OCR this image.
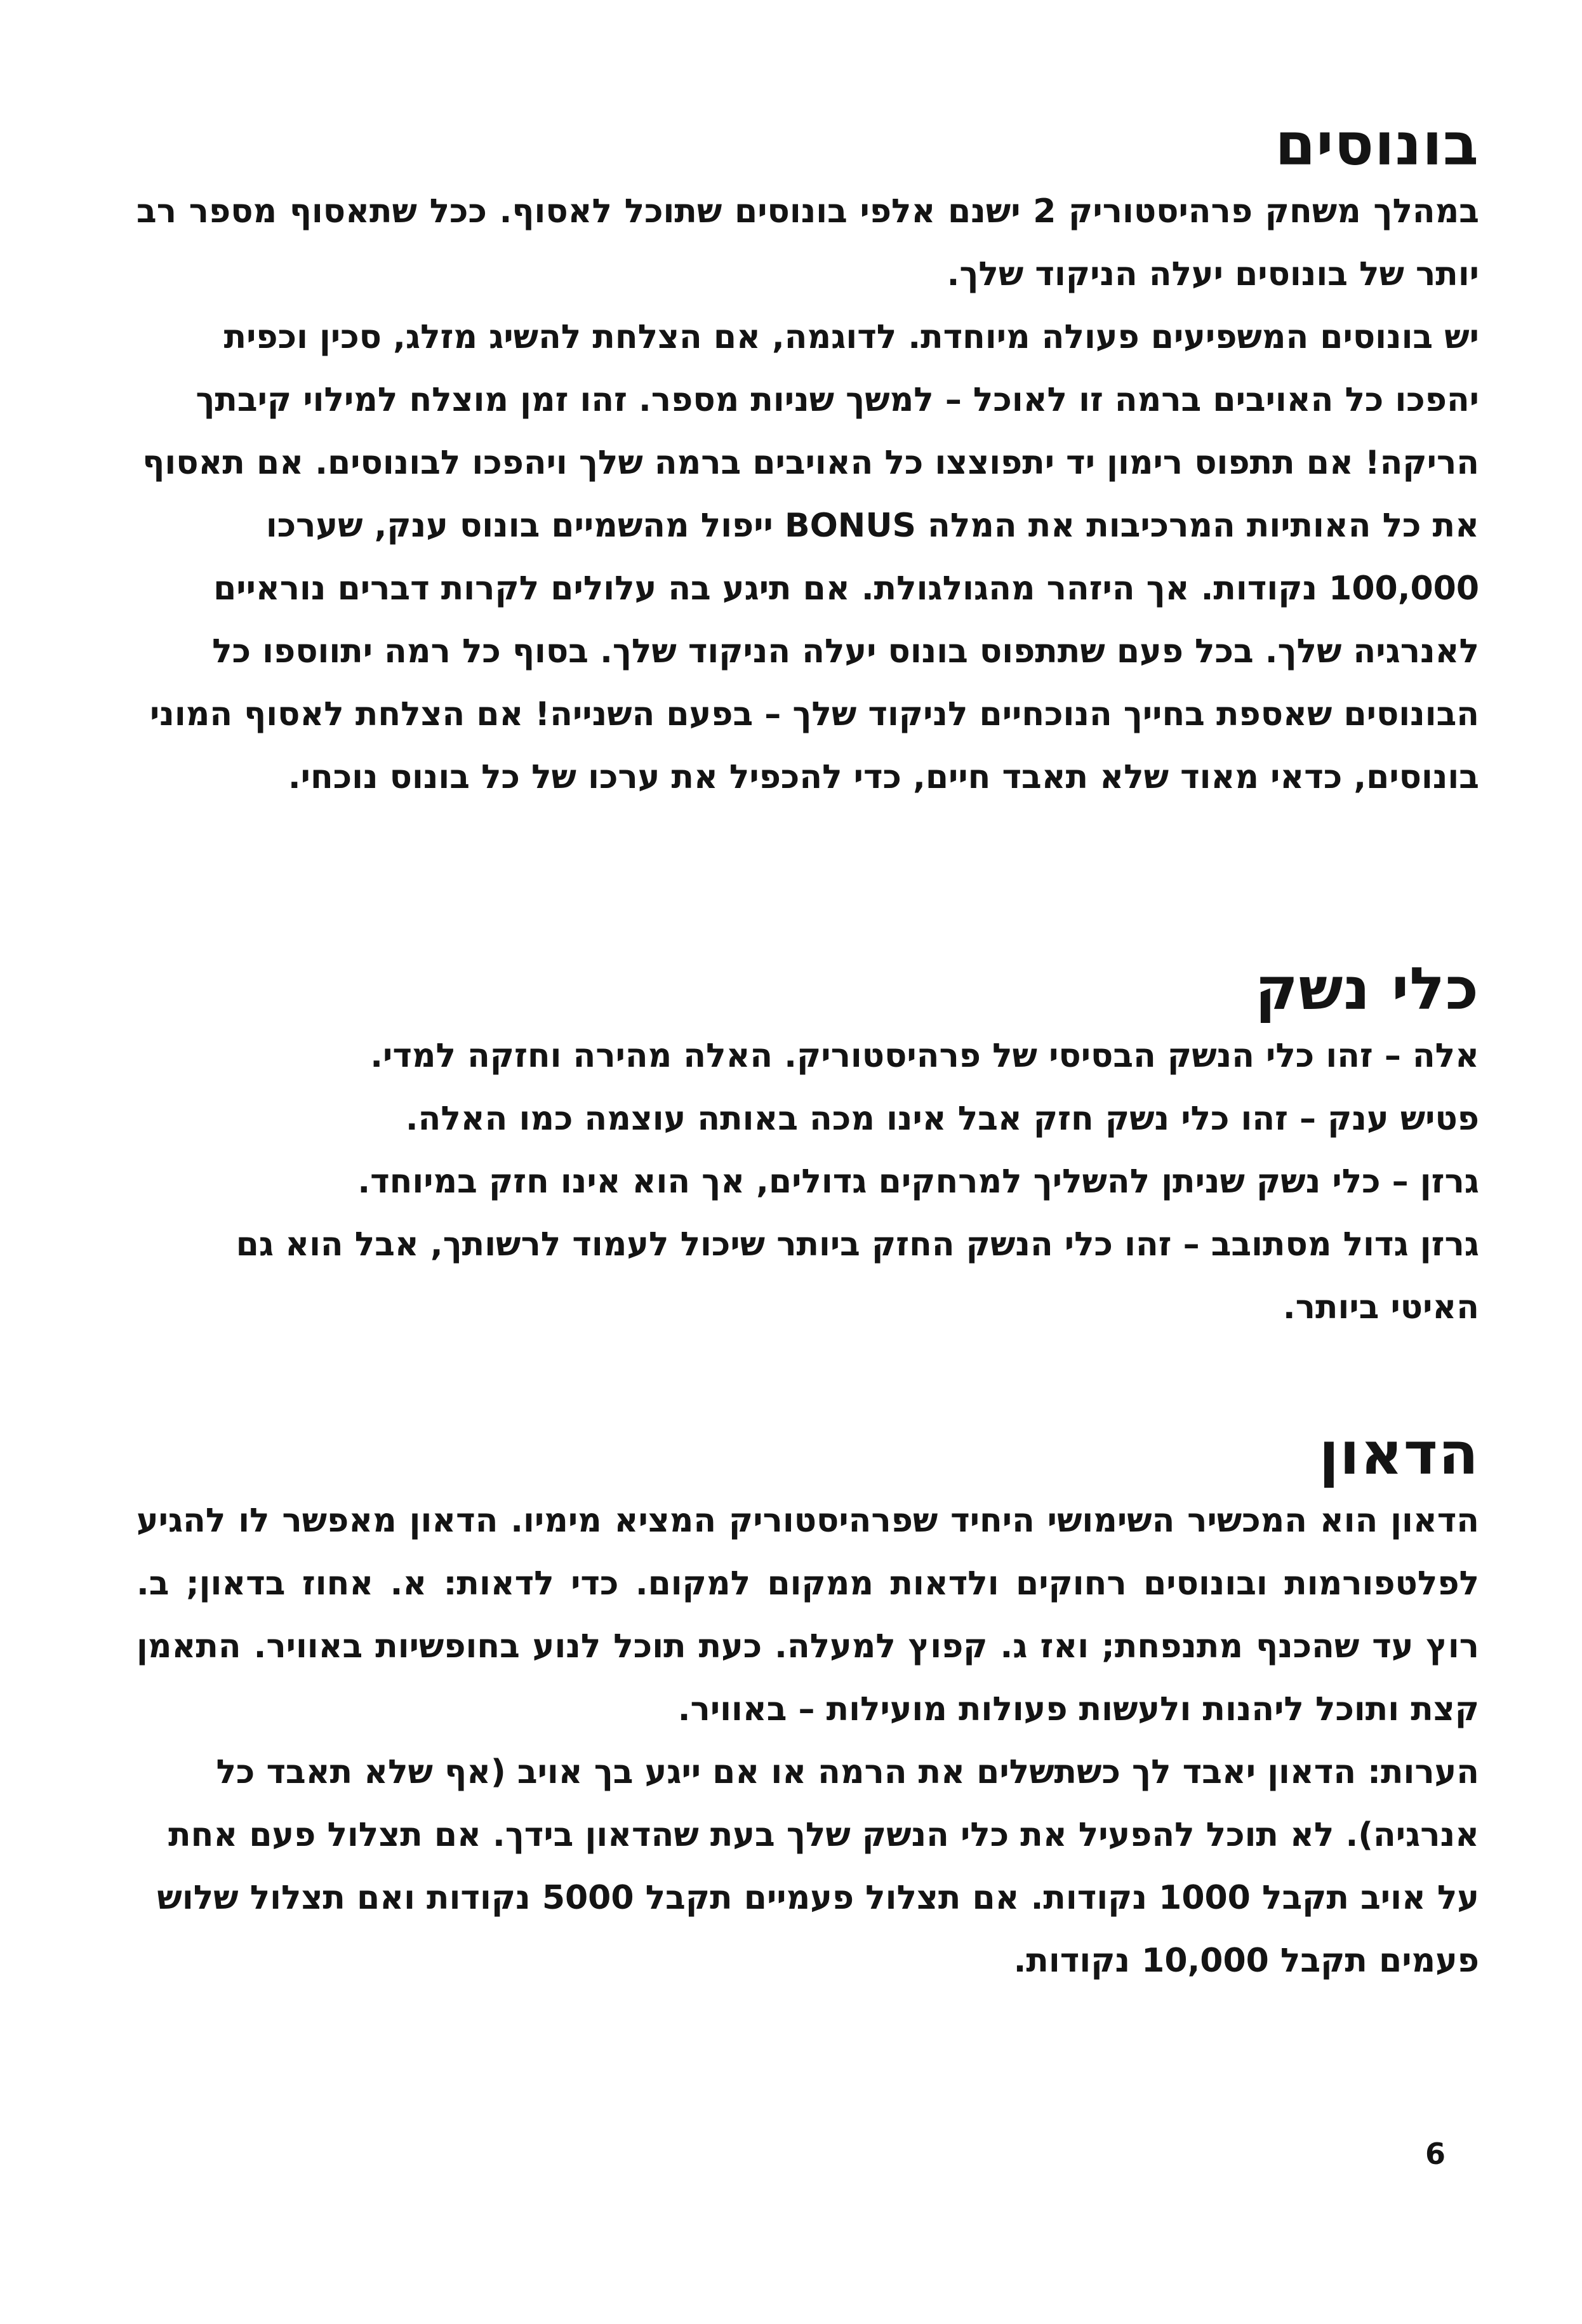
בונוסים

במהלך משחק פרהיסטוריק 2 ישנם אלפי בונוסים שתוכל לאסוף. ככל שתאסוף מספר רב יותר של בונוסים יעלה הניקוד שלך.

יש בונוסים המשפיעים פעולה מיוחדת. לדוגמה, אם הצלחת להשיג מזלג, סכין וכפית יהפכו כל האויבים ברמה זו לאוכל – למשך שניות מספר. זהו זמן מוצלח למילוי קיבתך הריקה! אם תתפוס רימון יד יתפוצצו כל האויבים ברמה שלך ויהפכו לבונוסים. אם תאסוף את כל האותיות המרכיבות את המלה BONUS ייפול מהשמיים בונוס ענק, שערכו 100,000 נקודות. אך היזהר מהגולגולת. אם תיגע בה עלולים לקרות דברים נוראיים לאנרגיה שלך. בכל פעם שתתפוס בונוס יעלה הניקוד שלך. בסוף כל רמה יתווספו כל הבונוסים שאספת בחייך הנוכחיים לניקוד שלך – בפעם השנייה! אם הצלחת לאסוף המוני בונוסים, כדאי מאוד שלא תאבד חיים, כדי להכפיל את ערכו של כל בונוס נוכחי.

כלי נשק

אלה – זהו כלי הנשק הבסיסי של פרהיסטוריק. האלה מהירה וחזקה למדי.

פטיש ענק – זהו כלי נשק חזק אבל אינו מכה באותה עוצמה כמו האלה.

גרזן – כלי נשק שניתן להשליך למרחקים גדולים, אך הוא אינו חזק במיוחד.

גרזן גדול מסתובב – זהו כלי הנשק החזק ביותר שיכול לעמוד לרשותך, אבל הוא גם האיטי ביותר.

הדאון

הדאון הוא המכשיר השימושי היחיד שפרהיסטוריק המציא מימיו. הדאון מאפשר לו להגיע לפלטפורמות ובונוסים רחוקים ולדאות ממקום למקום. כדי לדאות: א. אחוז בדאון; ב. רוץ עד שהכנף מתנפחת; ואז ג. קפוץ למעלה. כעת תוכל לנוע בחופשיות באוויר. התאמן קצת ותוכל ליהנות ולעשות פעולות מועילות – באוויר.

הערות: הדאון יאבד לך כשתשלים את הרמה או אם ייגע בך אויב (אף שלא תאבד כל אנרגיה). לא תוכל להפעיל את כלי הנשק שלך בעת שהדאון בידך. אם תצלול פעם אחת על אויב תקבל 1000 נקודות. אם תצלול פעמיים תקבל 5000 נקודות ואם תצלול שלוש פעמים תקבל 10,000 נקודות.

6
